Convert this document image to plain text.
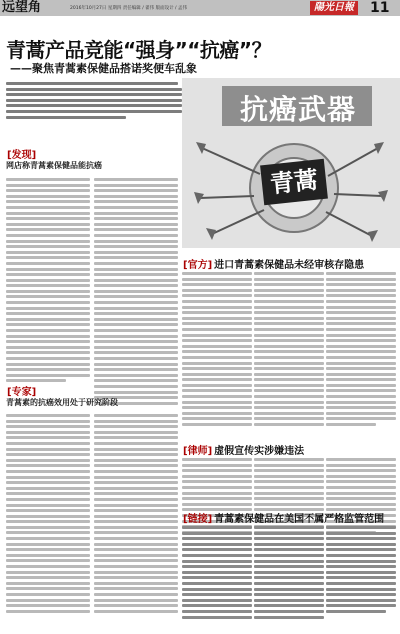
远望角	2016年10月27日 星期四 责任编辑 / 翟伟 版面设计 / 孟伟	陽光日報 11
青蒿产品竞能“强身”“抗癌”？
——聚焦青蒿素保健品搭诺奖便车乱象
抗癌武器
青蒿
[发现]
网店称青蒿素保健品能抗癌
[专家]
青蒿素的抗癌效用处于研究阶段
[官方] 进口青蒿素保健品未经审核存隐患
[律师] 虚假宣传实涉嫌违法
[链接] 青蒿素保健品在美国不属严格监管范围
